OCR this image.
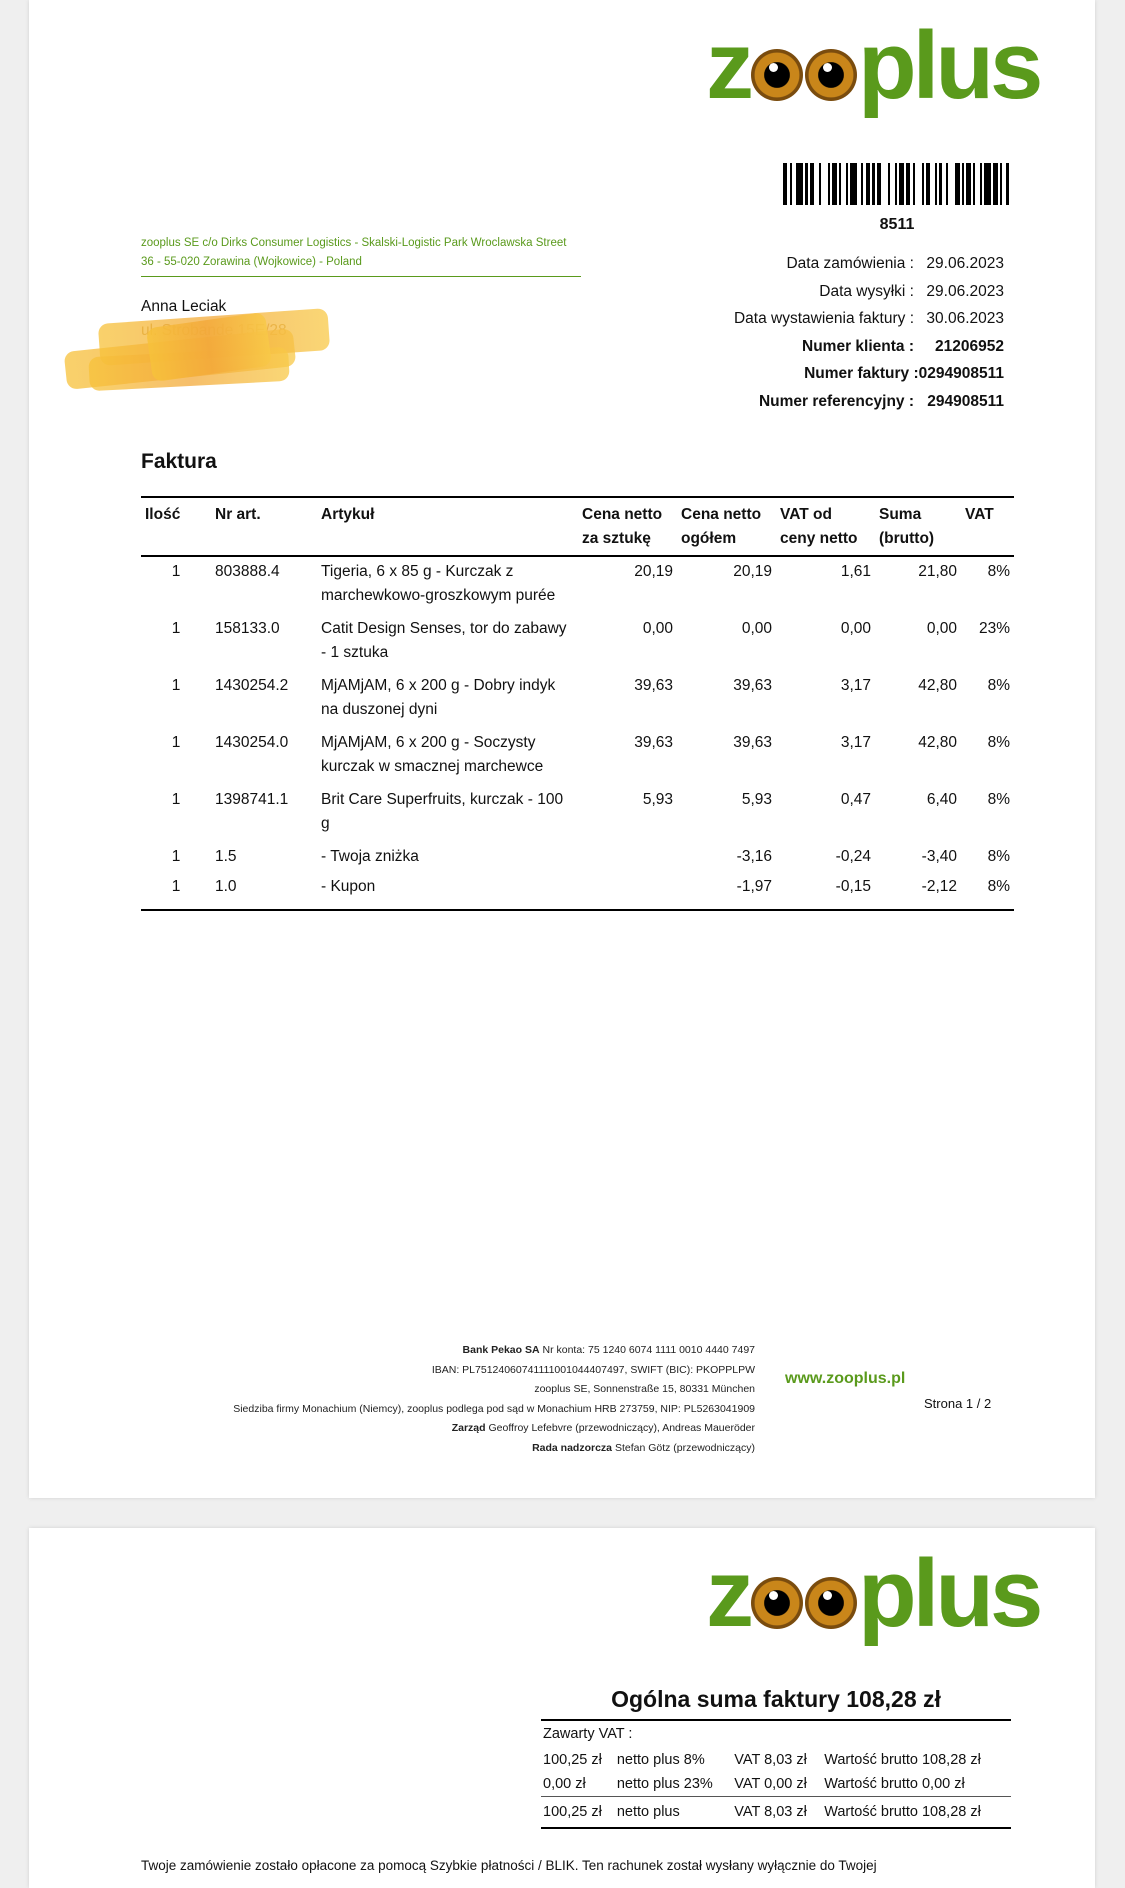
z plus
8511
zooplus SE c/o Dirks Consumer Logistics - Skalski-Logistic Park Wroclawska Street 36 - 55-020 Zorawina (Wojkowice) - Poland
Anna Leciak
Data zamówienia : 29.06.2023
Data wysyłki : 29.06.2023
Data wystawienia faktury : 30.06.2023
Numer klienta :	21206952
Numer faktury : 0294908511
Numer referencyjny : 294908511
Faktura
Ilość	Nr art.	Artykuł	Cena netto za sztukę	Cena netto ogółem	VAT od ceny netto	Suma (brutto)	VAT
1	803888.4	Tigeria, 6 x 85 g - Kurczak z marchewkowo-groszkowym purée	20,19	20,19	1,61	21,80	8%
1	158133.0	Catit Design Senses, tor do zabawy - 1 sztuka	0,00	0,00	0,00	0,00	23%
1	1430254.2	MjAMjAM, 6 x 200 g - Dobry indyk na duszonej dyni	39,63	39,63	3,17	42,80	8%
1	1430254.0	MjAMjAM, 6 x 200 g - Soczysty kurczak w smacznej marchewce	39,63	39,63	3,17	42,80	8%
1	1398741.1	Brit Care Superfruits, kurczak - 100 g	5,93	5,93	0,47	6,40	8%
1	1.5	- Twoja zniżka		-3,16	-0,24	-3,40	8%
1	1.0	- Kupon		-1,97	-0,15	-2,12	8%
Bank Pekao SA Nr konta: 75 1240 6074 1111 0010 4440 7497
IBAN: PL75124060741111001044407497, SWIFT (BIC): PKOPPLPW
zooplus SE, Sonnenstraße 15, 80331 München
Siedziba firmy Monachium (Niemcy), zooplus podlega pod sąd w Monachium HRB 273759, NIP: PL5263041909
Zarząd Geoffroy Lefebvre (przewodniczący), Andreas Maueröder
Rada nadzorcza Stefan Götz (przewodniczący)
www.zooplus.pl
Strona 1 / 2
z plus
Ogólna suma faktury 108,28 zł
Zawarty VAT :
100,25 zł	netto plus 8%	VAT 8,03 zł	Wartość brutto 108,28 zł
0,00 zł	netto plus 23%	VAT 0,00 zł	Wartość brutto 0,00 zł
100,25 zł	netto plus	VAT 8,03 zł	Wartość brutto 108,28 zł
Twoje zamówienie zostało opłacone za pomocą Szybkie płatności / BLIK. Ten rachunek został wysłany wyłącznie do Twojej
